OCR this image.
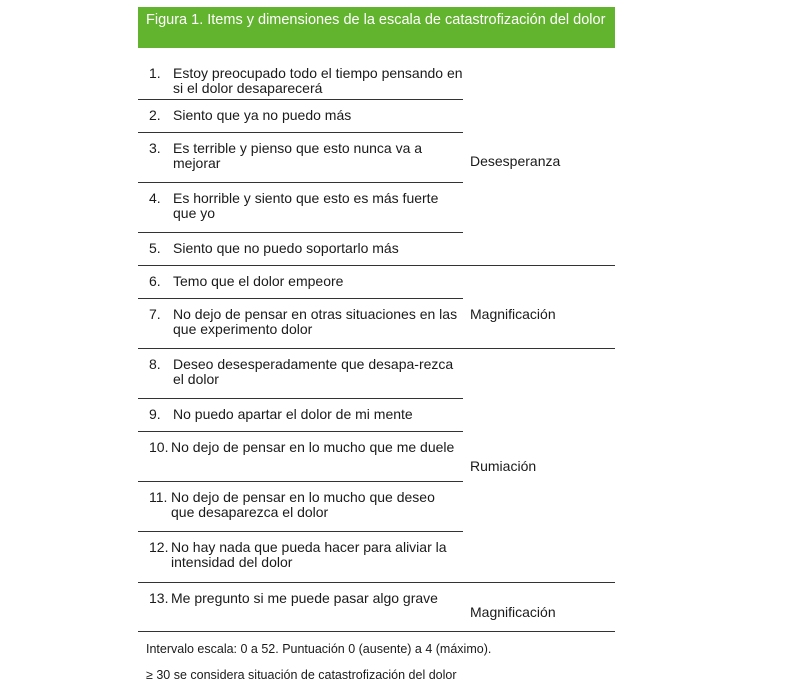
Figura 1. Items y dimensiones de la escala de catastrofización del dolor
1. Estoy preocupado todo el tiempo pensando en si el dolor desaparecerá
2. Siento que ya no puedo más
3. Es terrible y pienso que esto nunca va a mejorar
4. Es horrible y siento que esto es más fuerte que yo
5. Siento que no puedo soportarlo más
6. Temo que el dolor empeore
7. No dejo de pensar en otras situaciones en las que experimento dolor
8. Deseo desesperadamente que desapa-rezca el dolor
9. No puedo apartar el dolor de mi mente
10. No dejo de pensar en lo mucho que me duele
11. No dejo de pensar en lo mucho que deseo que desaparezca el dolor
12. No hay nada que pueda hacer para aliviar la intensidad del dolor
13. Me pregunto si me puede pasar algo grave
Desesperanza
Magnificación
Rumiación
Magnificación
Intervalo escala: 0 a 52. Puntuación 0 (ausente) a 4 (máximo).
≥ 30 se considera situación de catastrofización del dolor
